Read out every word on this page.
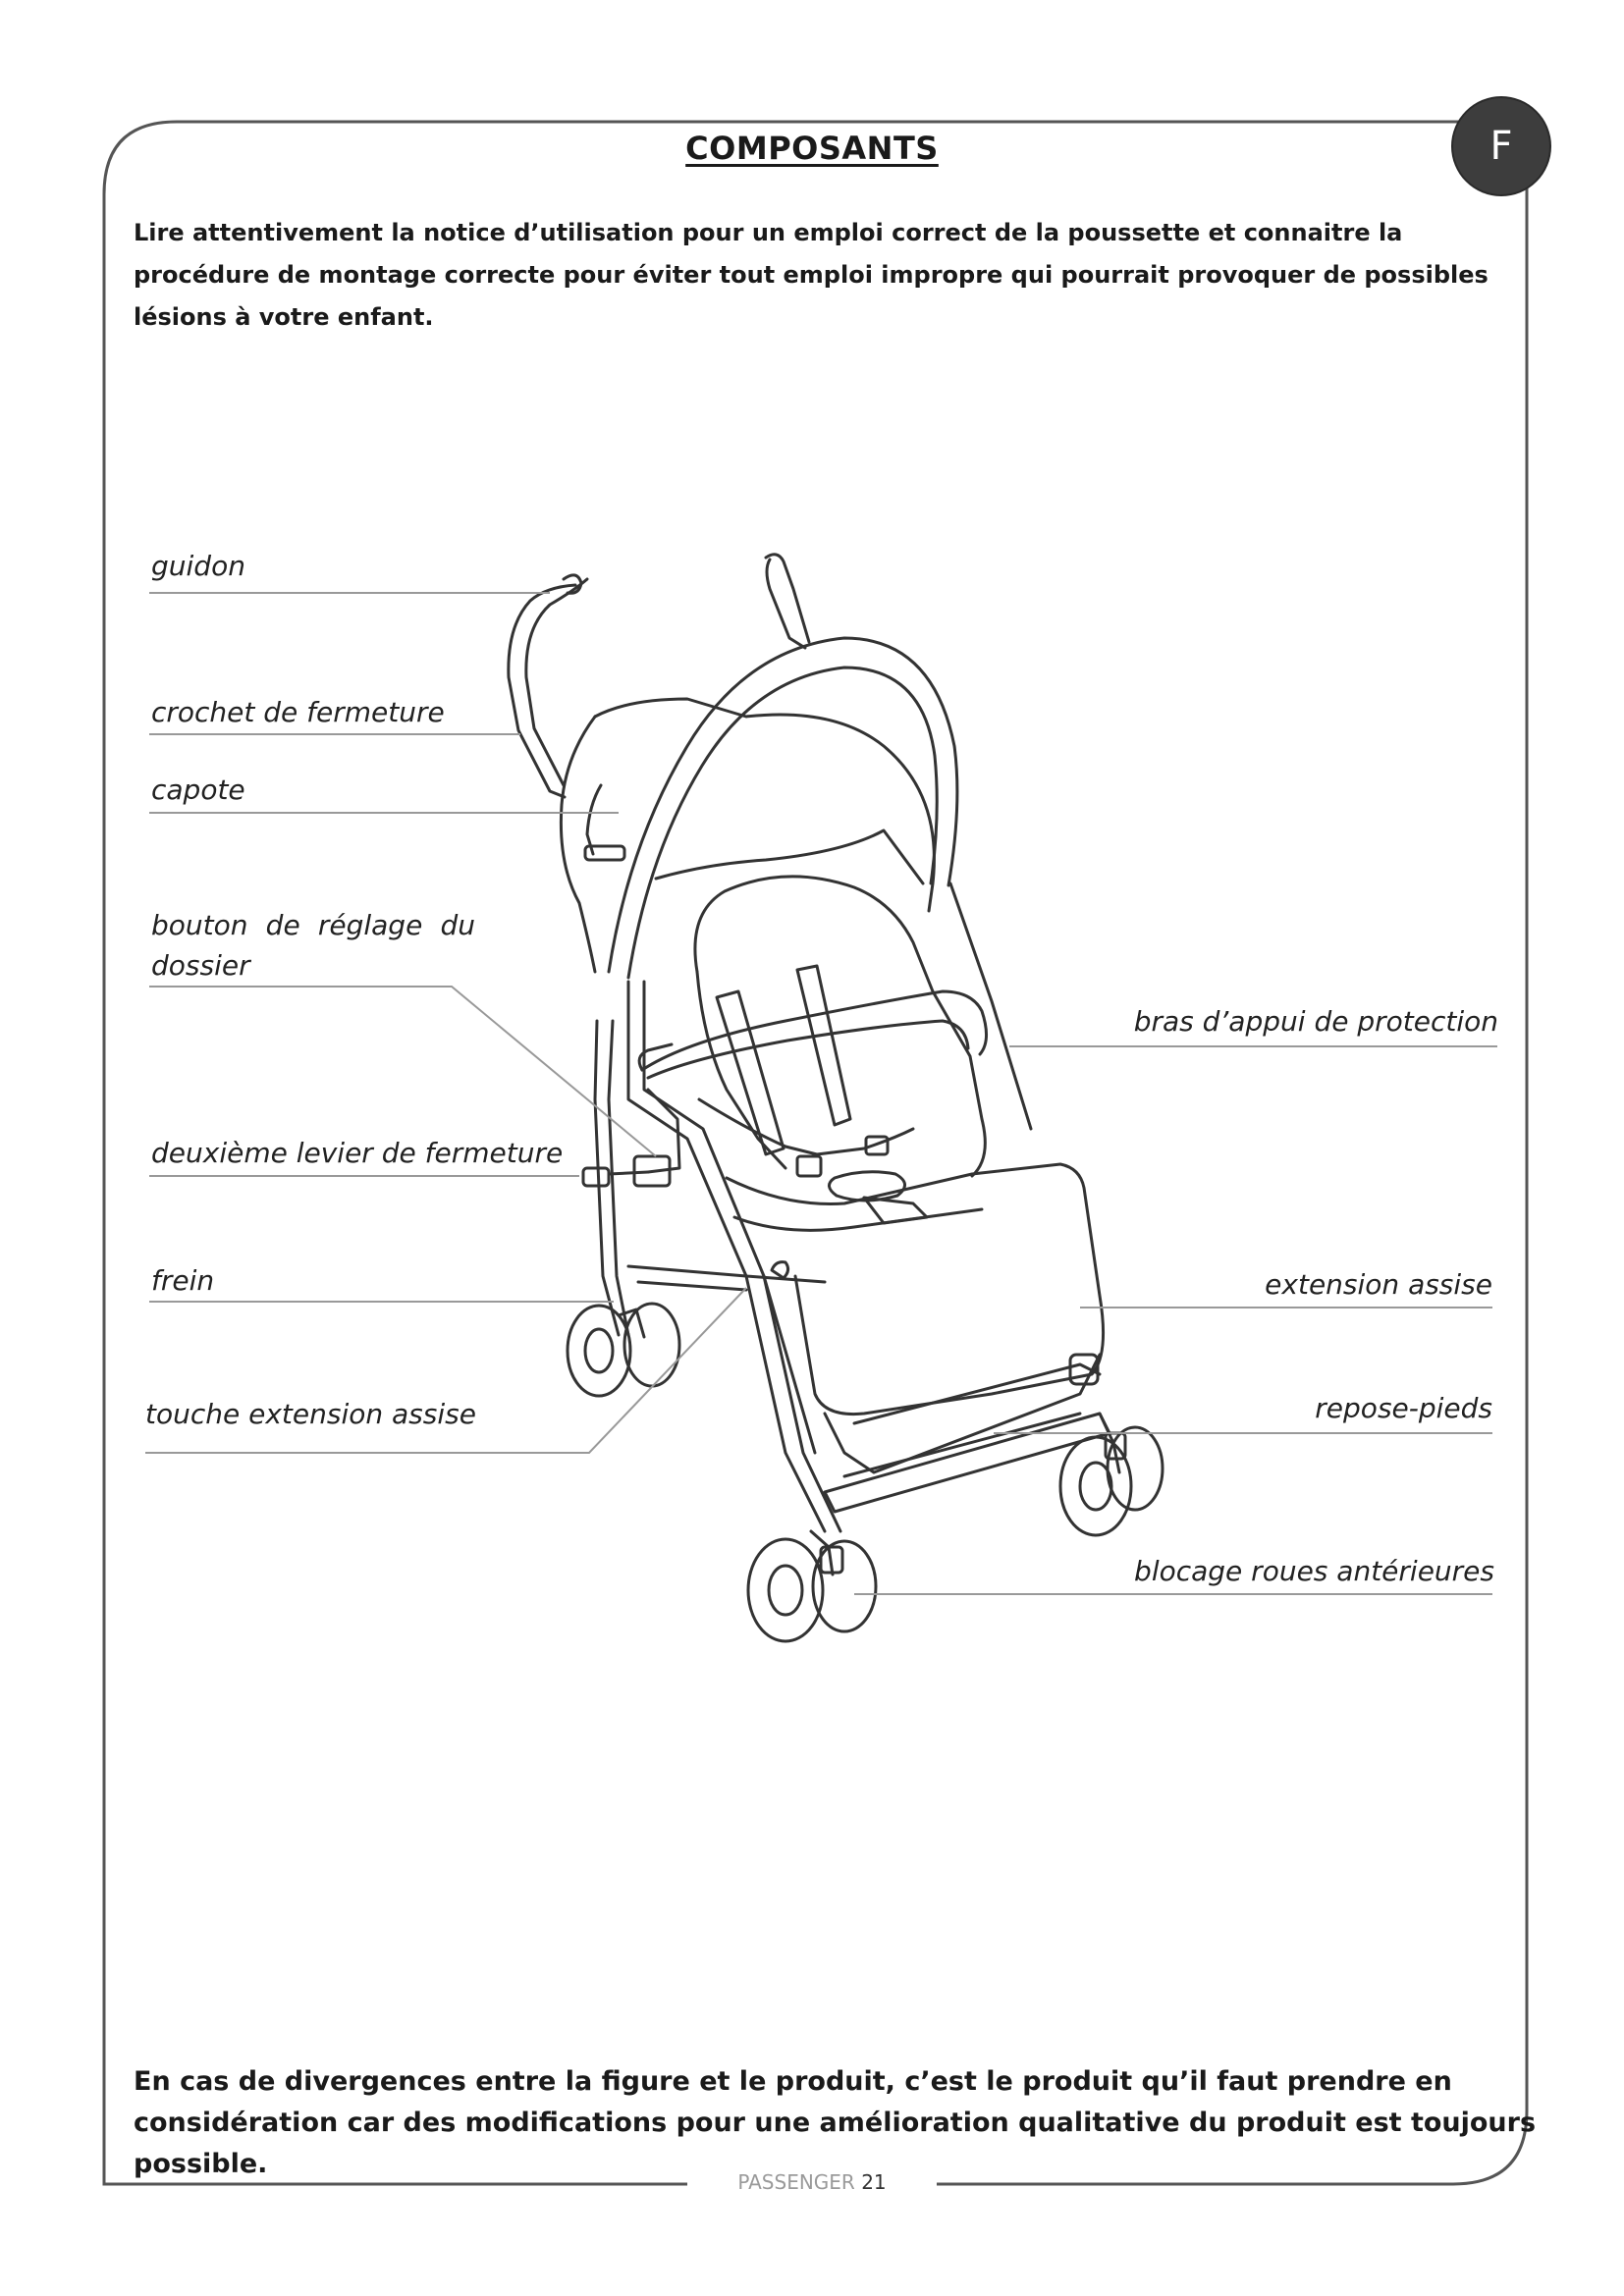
F
COMPOSANTS
Lire attentivement la notice d’utilisation pour un emploi correct de la poussette et connaitre la procédure de montage correcte pour éviter tout emploi impropre qui pourrait provoquer de possibles lésions à votre enfant.
guidon
crochet de fermeture
capote
bouton de réglage du dossier
deuxième levier de fermeture
frein
touche extension assise
bras d’appui de protection
extension assise
repose-pieds
blocage roues antérieures
En cas de divergences entre la figure et le produit, c’est le produit qu’il faut prendre en considération car des modifications pour une amélioration qualitative du produit est toujours possible.
PASSENGER 21
